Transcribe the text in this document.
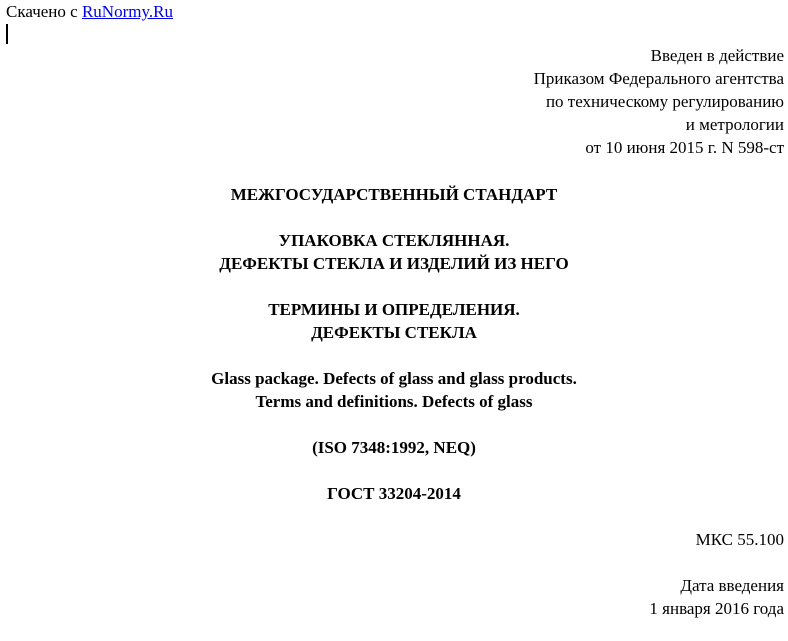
Скачено с RuNormy.Ru
Введен в действие
Приказом Федерального агентства
по техническому регулированию
и метрологии
от 10 июня 2015 г. N 598-ст
МЕЖГОСУДАРСТВЕННЫЙ СТАНДАРТ
УПАКОВКА СТЕКЛЯННАЯ.
ДЕФЕКТЫ СТЕКЛА И ИЗДЕЛИЙ ИЗ НЕГО
ТЕРМИНЫ И ОПРЕДЕЛЕНИЯ.
ДЕФЕКТЫ СТЕКЛА
Glass package. Defects of glass and glass products.
Terms and definitions. Defects of glass
(ISO 7348:1992, NEQ)
ГОСТ 33204-2014
МКС 55.100
Дата введения
1 января 2016 года
